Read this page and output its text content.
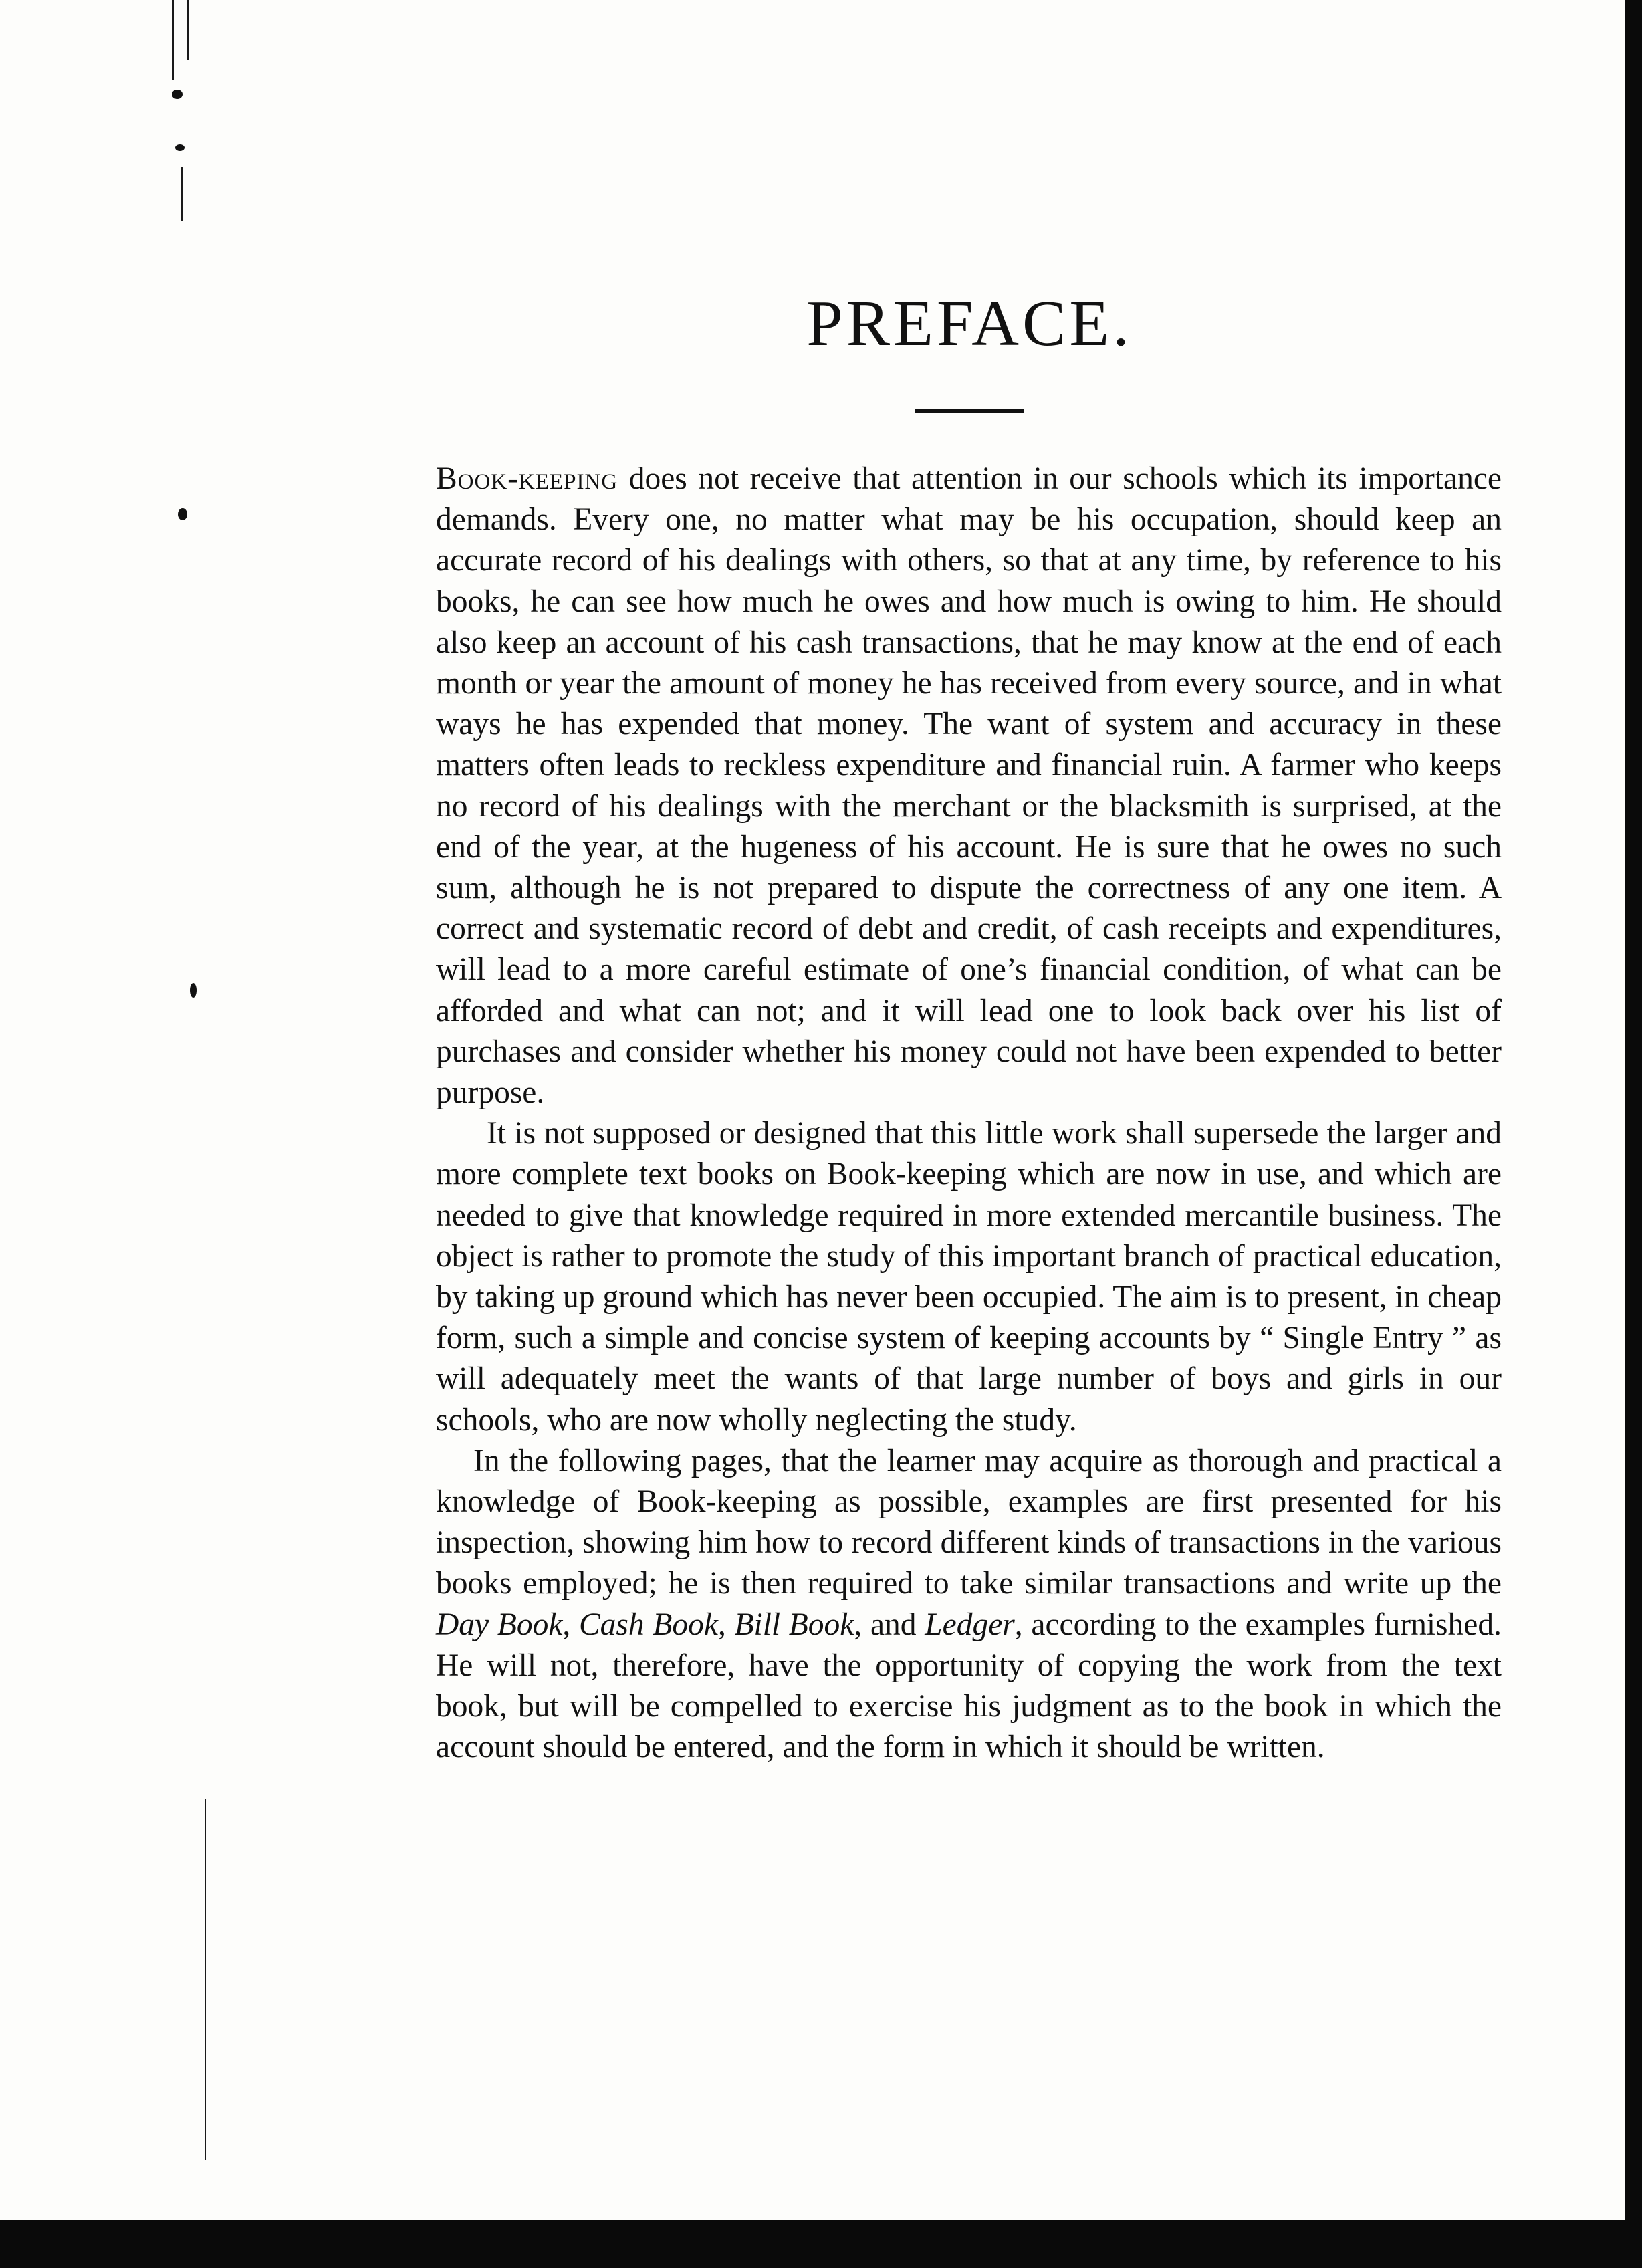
PREFACE.

Book-keeping does not receive that attention in our schools which its importance demands. Every one, no matter what may be his occupation, should keep an accurate record of his dealings with others, so that at any time, by reference to his books, he can see how much he owes and how much is owing to him. He should also keep an account of his cash transactions, that he may know at the end of each month or year the amount of money he has received from every source, and in what ways he has expended that money. The want of system and accuracy in these matters often leads to reckless expenditure and financial ruin. A farmer who keeps no record of his dealings with the merchant or the blacksmith is surprised, at the end of the year, at the hugeness of his account. He is sure that he owes no such sum, although he is not prepared to dispute the correctness of any one item. A correct and systematic record of debt and credit, of cash receipts and expenditures, will lead to a more careful estimate of one’s financial condition, of what can be afforded and what can not; and it will lead one to look back over his list of purchases and consider whether his money could not have been expended to better purpose.

It is not supposed or designed that this little work shall supersede the larger and more complete text books on Book-keeping which are now in use, and which are needed to give that knowledge required in more extended mercantile business. The object is rather to promote the study of this important branch of practical education, by taking up ground which has never been occupied. The aim is to present, in cheap form, such a simple and concise system of keeping accounts by “ Single Entry ” as will adequately meet the wants of that large number of boys and girls in our schools, who are now wholly neglecting the study.

In the following pages, that the learner may acquire as thorough and practical a knowledge of Book-keeping as possible, examples are first presented for his inspection, showing him how to record different kinds of transactions in the various books employed; he is then required to take similar transactions and write up the Day Book, Cash Book, Bill Book, and Ledger, according to the examples furnished. He will not, therefore, have the opportunity of copying the work from the text book, but will be compelled to exercise his judgment as to the book in which the account should be entered, and the form in which it should be written.
